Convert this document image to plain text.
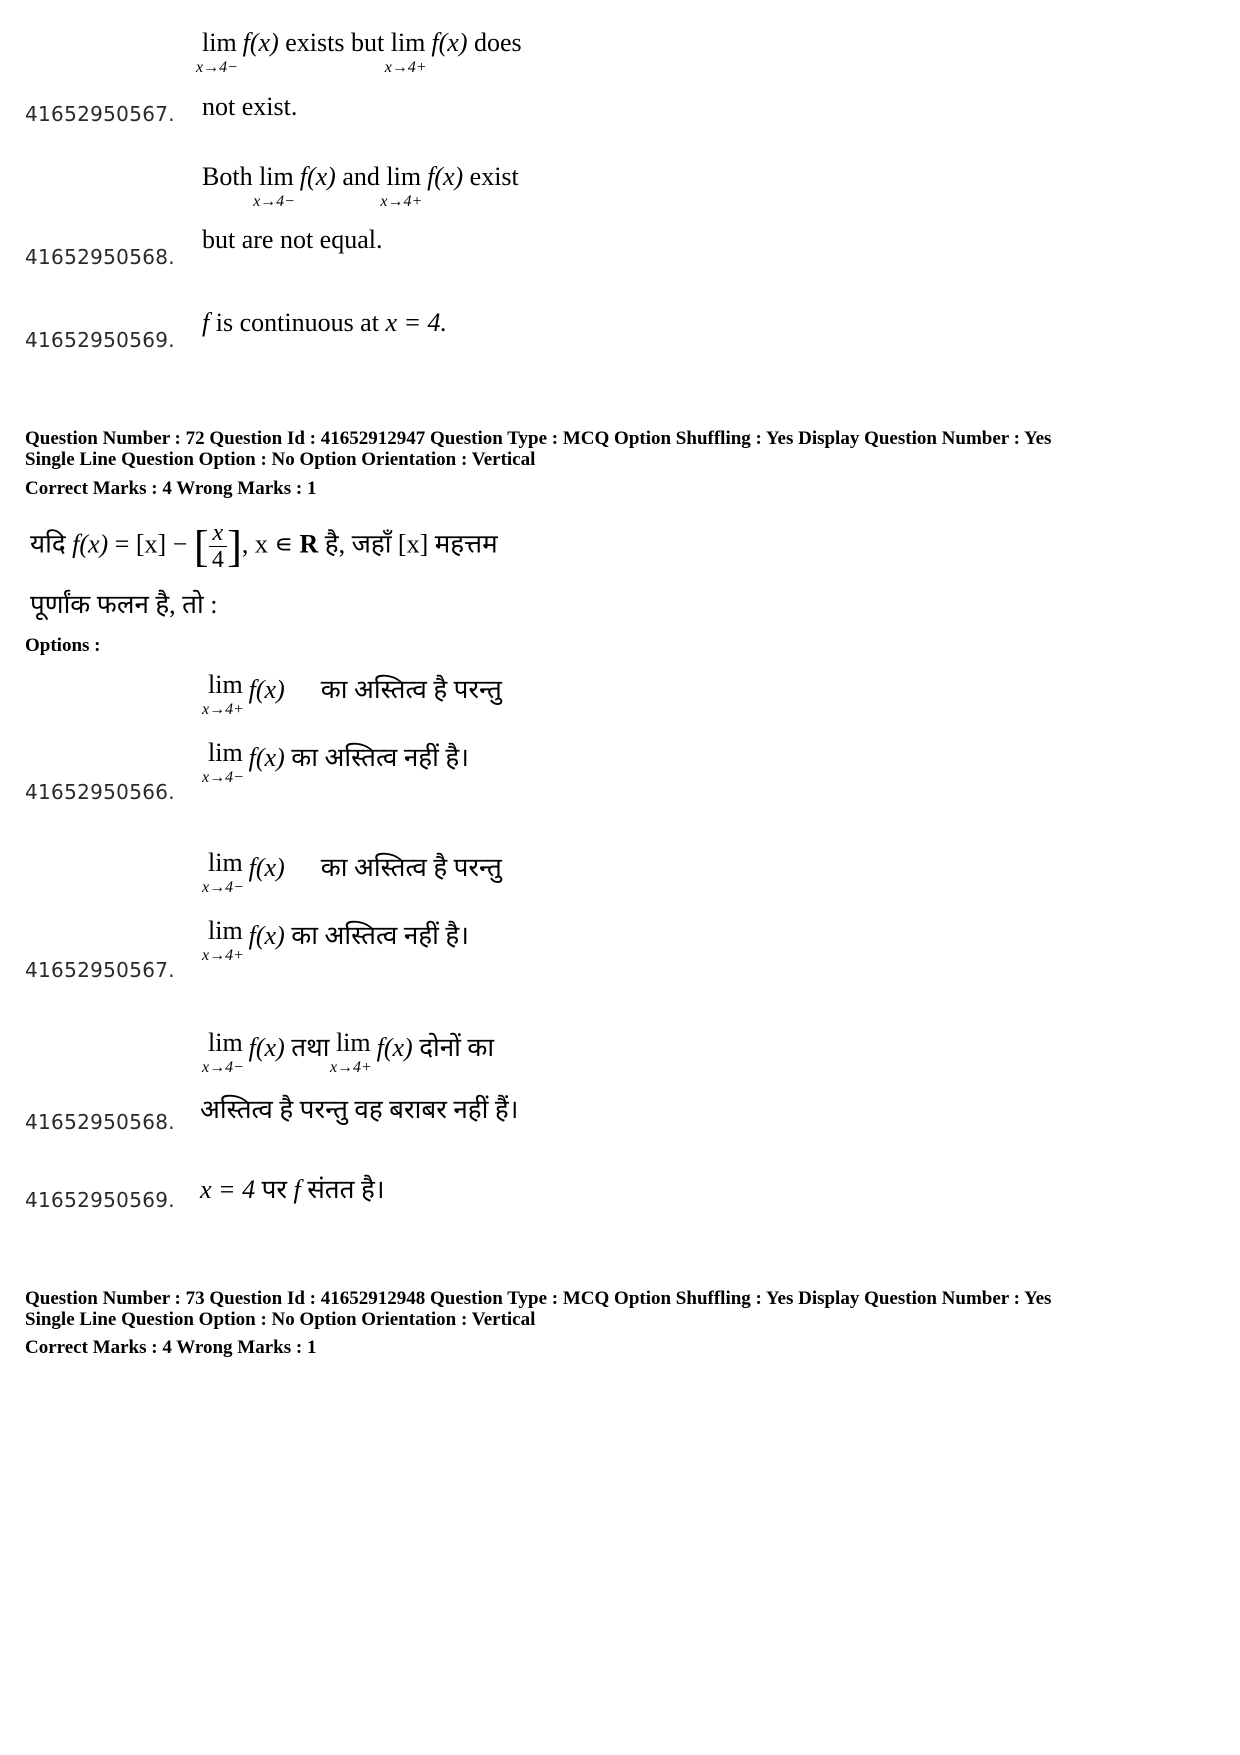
lim
x→4−
f(x) exists but lim
x→4+
f(x) does
not exist.
41652950567.
Both lim
x→4−
f(x) and lim
x→4+
f(x) exist
but are not equal.
41652950568.
f is continuous at x = 4.
41652950569.
Question Number : 72 Question Id : 41652912947 Question Type : MCQ Option Shuffling : Yes Display Question Number : Yes
Single Line Question Option : No Option Orientation : Vertical
Correct Marks : 4 Wrong Marks : 1
यदि f(x) = [x] − [ $\frac{x}{4}$ ], x ∊ R है, जहाँ [x] महत्तम
पूर्णांक फलन है, तो :
Options :
lim
x→4+
f(x) का अस्तित्व है परन्तु
lim
x→4−
f(x) का अस्तित्व नहीं है।
41652950566.
lim
x→4−
f(x) का अस्तित्व है परन्तु
lim
x→4+
f(x) का अस्तित्व नहीं है।
41652950567.
lim
x→4−
f(x) तथा lim
x→4+
f(x) दोनों का
अस्तित्व है परन्तु वह बराबर नहीं हैं।
41652950568.
x = 4 पर f संतत है।
41652950569.
Question Number : 73 Question Id : 41652912948 Question Type : MCQ Option Shuffling : Yes Display Question Number : Yes
Single Line Question Option : No Option Orientation : Vertical
Correct Marks : 4 Wrong Marks : 1
